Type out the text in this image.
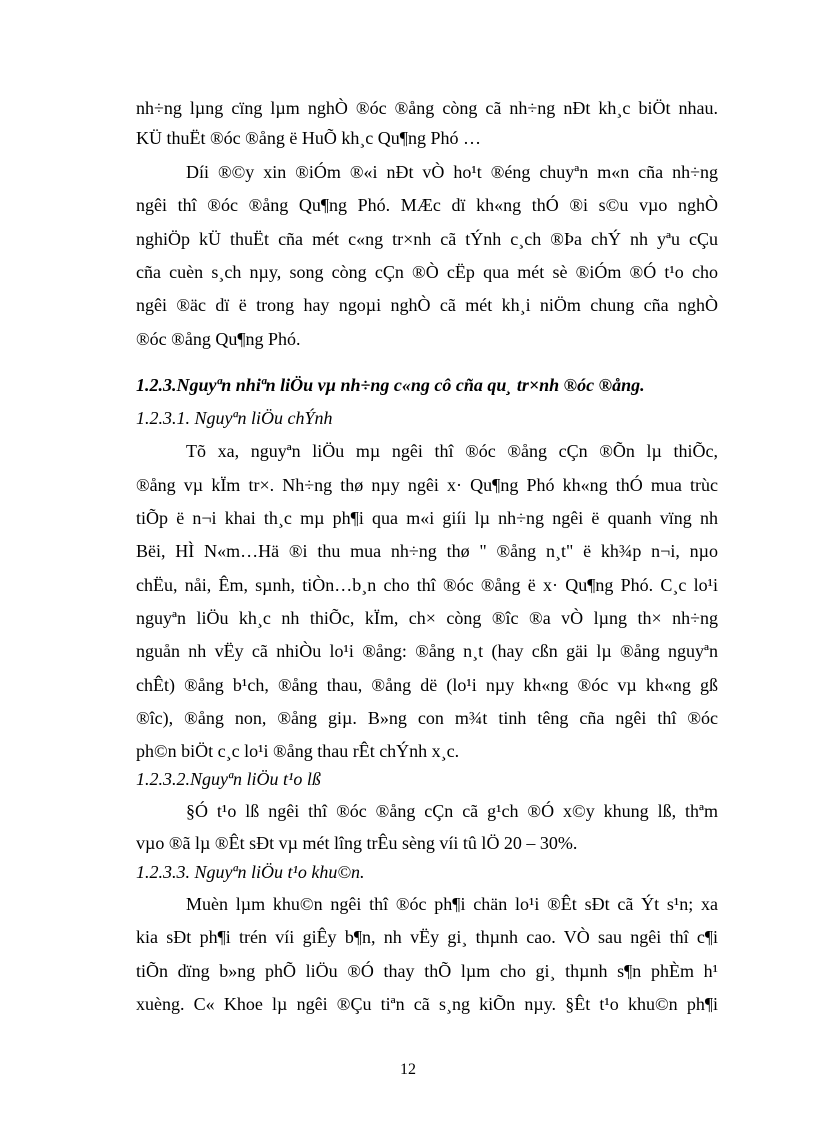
nh÷ng lµng cïng lµm nghÒ ®óc ®ång còng cã nh÷ng nÐt kh¸c biÖt nhau.
KÜ thuËt ®óc ®ång ë HuÕ kh¸c Qu¶ng Phó …
Díi ®©y xin ®iÓm ®«i nÐt vÒ ho¹t ®éng chuyªn m«n cña nh÷ng
ngêi thî ®óc ®ång Qu¶ng Phó. MÆc dï kh«ng thÓ ®i s©u vµo nghÒ
nghiÖp kÜ thuËt cña mét c«ng tr×nh cã tÝnh c¸ch ®Þa chÝ nh yªu cÇu
cña cuèn s¸ch nµy, song còng cÇn ®Ò cËp qua mét sè ®iÓm ®Ó t¹o cho
ngêi ®äc dï ë trong hay ngoµi nghÒ cã mét kh¸i niÖm chung cña nghÒ
®óc ®ång Qu¶ng Phó.
1.2.3.Nguyªn nhiªn liÖu vµ nh÷ng c«ng cô cña qu¸ tr×nh ®óc ®ång.
1.2.3.1. Nguyªn liÖu chÝnh
Tõ xa, nguyªn liÖu mµ ngêi thî ®óc ®ång cÇn ®Õn lµ thiÕc,
®ång vµ kÏm tr×. Nh÷ng thø nµy ngêi x· Qu¶ng Phó kh«ng thÓ mua trùc
tiÕp ë n¬i khai th¸c mµ ph¶i qua m«i giíi lµ nh÷ng ngêi ë quanh vïng nh
Bëi, HÌ N«m…Hä ®i thu mua nh÷ng thø " ®ång n¸t" ë kh¾p n¬i, nµo
chËu, nåi, Êm, sµnh, tiÒn…b¸n cho thî ®óc ®ång ë x· Qu¶ng Phó. C¸c lo¹i
nguyªn liÖu kh¸c nh thiÕc, kÏm, ch× còng ®îc ®a vÒ lµng th× nh÷ng
nguån nh vËy cã nhiÒu lo¹i ®ång: ®ång n¸t (hay cßn gäi lµ ®ång nguyªn
chÊt) ®ång b¹ch, ®ång thau, ®ång dë (lo¹i nµy kh«ng ®óc vµ kh«ng gß
®îc), ®ång non, ®ång giµ. B»ng con m¾t tinh têng cña ngêi thî ®óc
ph©n biÖt c¸c lo¹i ®ång thau rÊt chÝnh x¸c.
1.2.3.2.Nguyªn liÖu t¹o lß
§Ó t¹o lß ngêi thî ®óc ®ång cÇn cã g¹ch ®Ó x©y khung lß, thªm
vµo ®ã lµ ®Êt sÐt vµ mét lîng trÊu sèng víi tû lÖ 20 – 30%.
1.2.3.3. Nguyªn liÖu t¹o khu©n.
Muèn lµm khu©n ngêi thî ®óc ph¶i chän lo¹i ®Êt sÐt cã Ýt s¹n; xa
kia sÐt ph¶i trén víi giÊy b¶n, nh vËy gi¸ thµnh cao. VÒ sau ngêi thî c¶i
tiÕn dïng b»ng phÕ liÖu ®Ó thay thÕ lµm cho gi¸ thµnh s¶n phÈm h¹
xuèng. C« Khoe lµ ngêi ®Çu tiªn cã s¸ng kiÕn nµy. §Êt t¹o khu©n ph¶i
12
